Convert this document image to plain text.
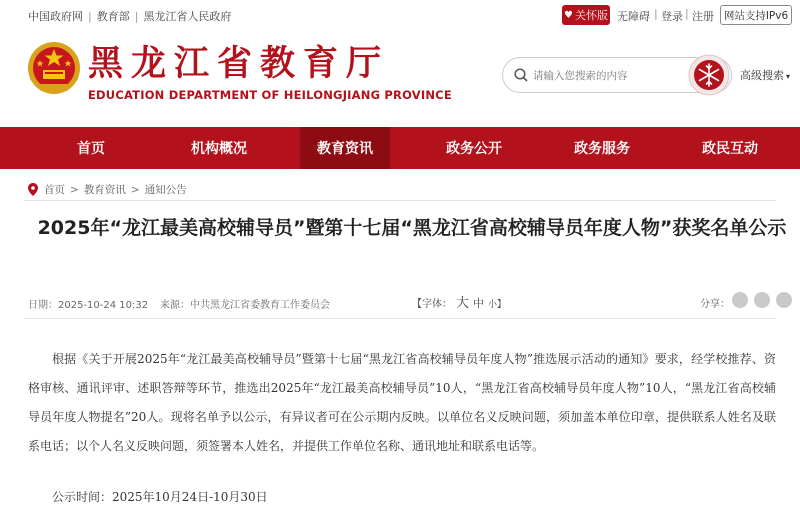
中国政府网 | 教育部 | 黑龙江省人民政府	♥ 关怀版 无障碍 | 登录 | 注册 网站支持IPv6
黑龙江省教育厅
EDUCATION DEPARTMENT OF HEILONGJIANG PROVINCE
请输入您搜索的内容
高级搜索 ▾
首页	机构概况	教育资讯	政务公开	政务服务	政民互动
首页 > 教育资讯 > 通知公告
2025年“龙江最美高校辅导员”暨第十七届“黑龙江省高校辅导员年度人物”获奖名单公示
日期：2025-10-24 10:32 来源：中共黑龙江省委教育工作委员会	【字体： 大 中 小】	分享：

根据《关于开展2025年“龙江最美高校辅导员”暨第十七届“黑龙江省高校辅导员年度人物”推选展示活动的通知》要求，经学校推荐、资格审核、通讯评审、述职答辩等环节，推选出2025年“龙江最美高校辅导员”10人，“黑龙江省高校辅导员年度人物”10人，“黑龙江省高校辅导员年度人物提名”20人。现将名单予以公示，有异议者可在公示期内反映。以单位名义反映问题，须加盖本单位印章，提供联系人姓名及联系电话；以个人名义反映问题，须签署本人姓名，并提供工作单位名称、通讯地址和联系电话等。

公示时间：2025年10月24日-10月30日
